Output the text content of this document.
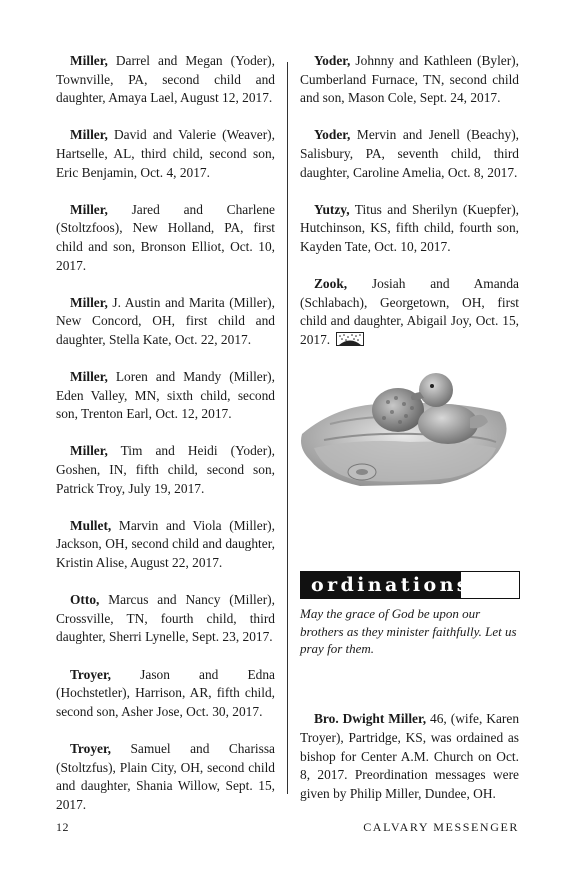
Miller, Darrel and Megan (Yoder), Townville, PA, second child and daughter, Amaya Lael, August 12, 2017.

Miller, David and Valerie (Weaver), Hartselle, AL, third child, second son, Eric Benjamin, Oct. 4, 2017.

Miller, Jared and Charlene (Stoltzfoos), New Holland, PA, first child and son, Bronson Elliot, Oct. 10, 2017.

Miller, J. Austin and Marita (Miller), New Concord, OH, first child and daughter, Stella Kate, Oct. 22, 2017.

Miller, Loren and Mandy (Miller), Eden Valley, MN, sixth child, second son, Trenton Earl, Oct. 12, 2017.

Miller, Tim and Heidi (Yoder), Goshen, IN, fifth child, second son, Patrick Troy, July 19, 2017.

Mullet, Marvin and Viola (Miller), Jackson, OH, second child and daughter, Kristin Alise, August 22, 2017.

Otto, Marcus and Nancy (Miller), Crossville, TN, fourth child, third daughter, Sherri Lynelle, Sept. 23, 2017.

Troyer, Jason and Edna (Hochstetler), Harrison, AR, fifth child, second son, Asher Jose, Oct. 30, 2017.

Troyer, Samuel and Charissa (Stoltzfus), Plain City, OH, second child and daughter, Shania Willow, Sept. 15, 2017.

Yoder, Johnny and Kathleen (Byler), Cumberland Furnace, TN, second child and son, Mason Cole, Sept. 24, 2017.

Yoder, Mervin and Jenell (Beachy), Salisbury, PA, seventh child, third daughter, Caroline Amelia, Oct. 8, 2017.

Yutzy, Titus and Sherilyn (Kuepfer), Hutchinson, KS, fifth child, fourth son, Kayden Tate, Oct. 10, 2017.

Zook, Josiah and Amanda (Schlabach), Georgetown, OH, first child and daughter, Abigail Joy, Oct. 15, 2017.

ordinations
May the grace of God be upon our brothers as they minister faithfully. Let us pray for them.

Bro. Dwight Miller, 46, (wife, Karen Troyer), Partridge, KS, was ordained as bishop for Center A.M. Church on Oct. 8, 2017. Preordination messages were given by Philip Miller, Dundee, OH.

12	CALVARY MESSENGER
